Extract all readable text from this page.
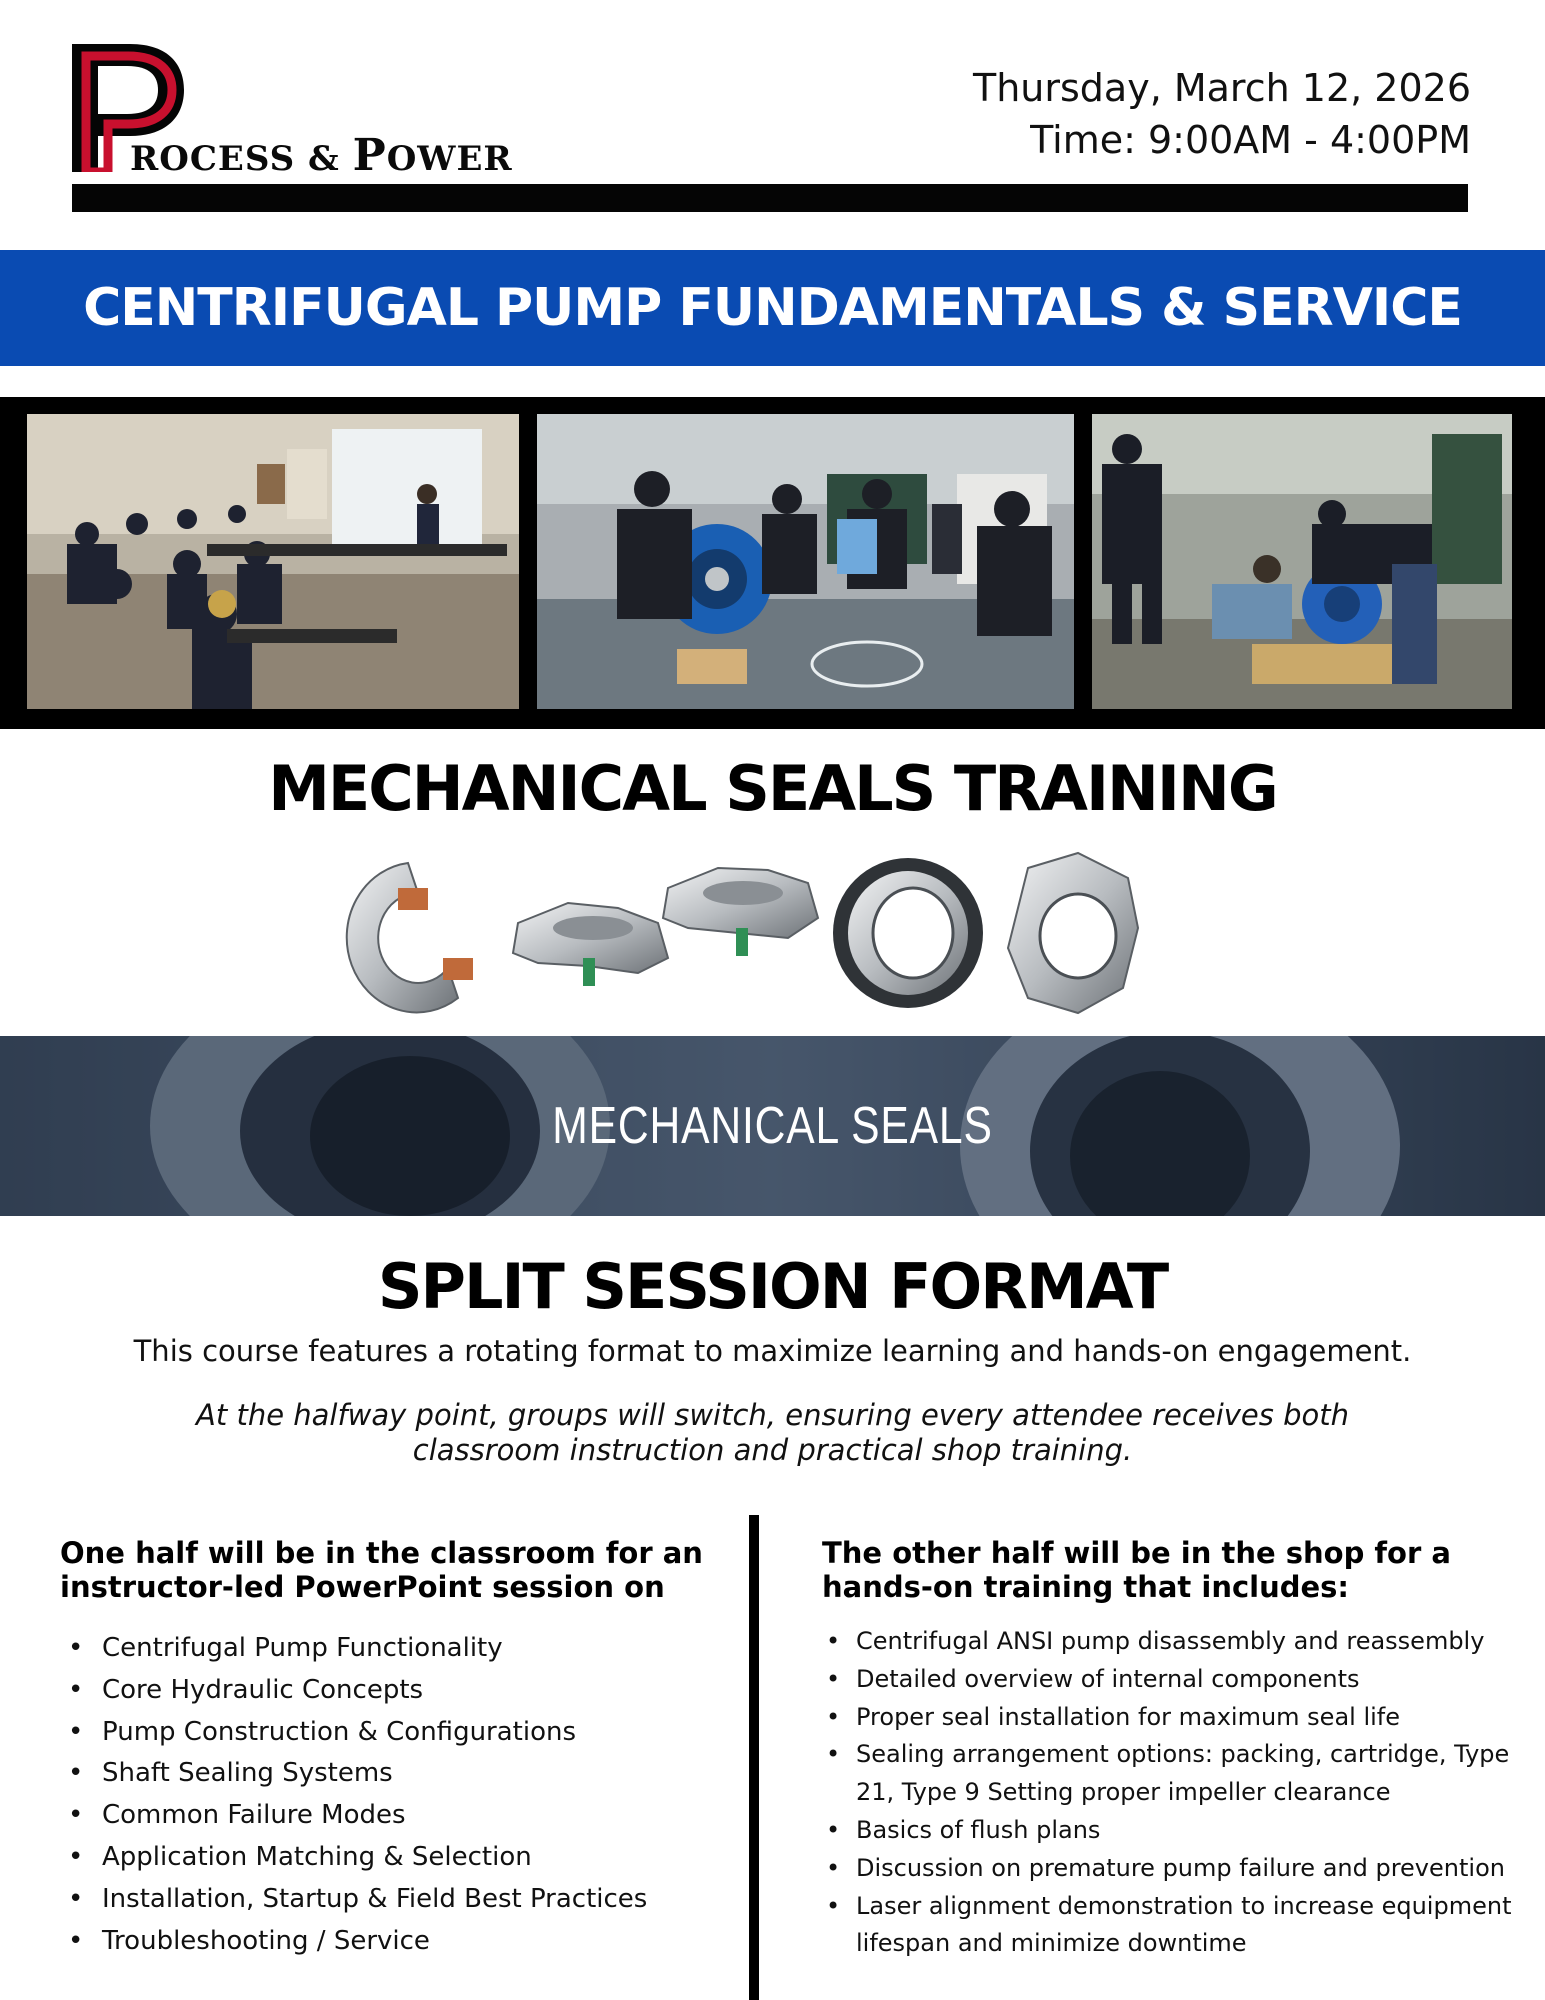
ROCESS & POWER
Thursday, March 12, 2026
Time: 9:00AM - 4:00PM
CENTRIFUGAL PUMP FUNDAMENTALS & SERVICE
MECHANICAL SEALS TRAINING
MECHANICAL SEALS
SPLIT SESSION FORMAT
This course features a rotating format to maximize learning and hands-on engagement.
At the halfway point, groups will switch, ensuring every attendee receives both classroom instruction and practical shop training.
One half will be in the classroom for an instructor-led PowerPoint session on
• Centrifugal Pump Functionality
• Core Hydraulic Concepts
• Pump Construction & Configurations
• Shaft Sealing Systems
• Common Failure Modes
• Application Matching & Selection
• Installation, Startup & Field Best Practices
• Troubleshooting / Service
The other half will be in the shop for a hands-on training that includes:
• Centrifugal ANSI pump disassembly and reassembly
• Detailed overview of internal components
• Proper seal installation for maximum seal life
• Sealing arrangement options: packing, cartridge, Type 21, Type 9 Setting proper impeller clearance
• Basics of flush plans
• Discussion on premature pump failure and prevention
• Laser alignment demonstration to increase equipment lifespan and minimize downtime
